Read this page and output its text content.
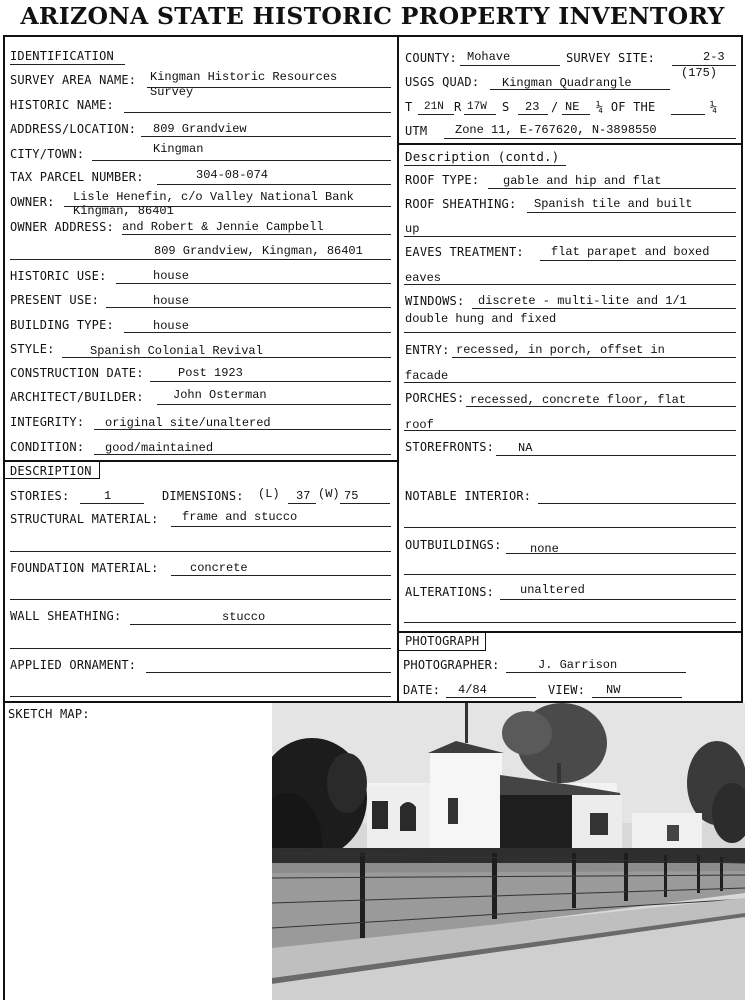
ARIZONA STATE HISTORIC PROPERTY INVENTORY
IDENTIFICATION
SURVEY AREA NAME: Kingman Historic Resources
Survey
HISTORIC NAME:
ADDRESS/LOCATION: 809 Grandview
CITY/TOWN:	Kingman
TAX PARCEL NUMBER:	304-08-074
OWNER: Lisle Henefin, c/o Valley National Bank
Kingman, 86401
OWNER ADDRESS: and Robert & Jennie Campbell
809 Grandview, Kingman, 86401
HISTORIC USE:	house
PRESENT USE:	house
BUILDING TYPE:	house
STYLE:	Spanish Colonial Revival
CONSTRUCTION DATE:	Post 1923
ARCHITECT/BUILDER: John Osterman
INTEGRITY: original site/unaltered
CONDITION: good/maintained
COUNTY: Mohave	SURVEY SITE:	2-3
(175)
USGS QUAD: Kingman Quadrangle
T 21N R 17W S 23 / NE ¼ OF THE	¼
UTM Zone 11, E-767620, N-3898550
Description (contd.)
ROOF TYPE: gable and hip and flat
ROOF SHEATHING: Spanish tile and built
up
EAVES TREATMENT: flat parapet and boxed
eaves
WINDOWS: discrete - multi-lite and 1/1
double hung and fixed
ENTRY: recessed, in porch, offset in
facade
PORCHES: recessed, concrete floor, flat
roof
STOREFRONTS: NA
NOTABLE INTERIOR:
OUTBUILDINGS: none
ALTERATIONS: unaltered
DESCRIPTION
STORIES:	1	DIMENSIONS: (L) 37 (W) 75
STRUCTURAL MATERIAL: frame and stucco
FOUNDATION MATERIAL:	concrete
WALL SHEATHING:	stucco
APPLIED ORNAMENT:
PHOTOGRAPH
PHOTOGRAPHER:	J. Garrison
DATE: 4/84	VIEW: NW
SKETCH MAP:
